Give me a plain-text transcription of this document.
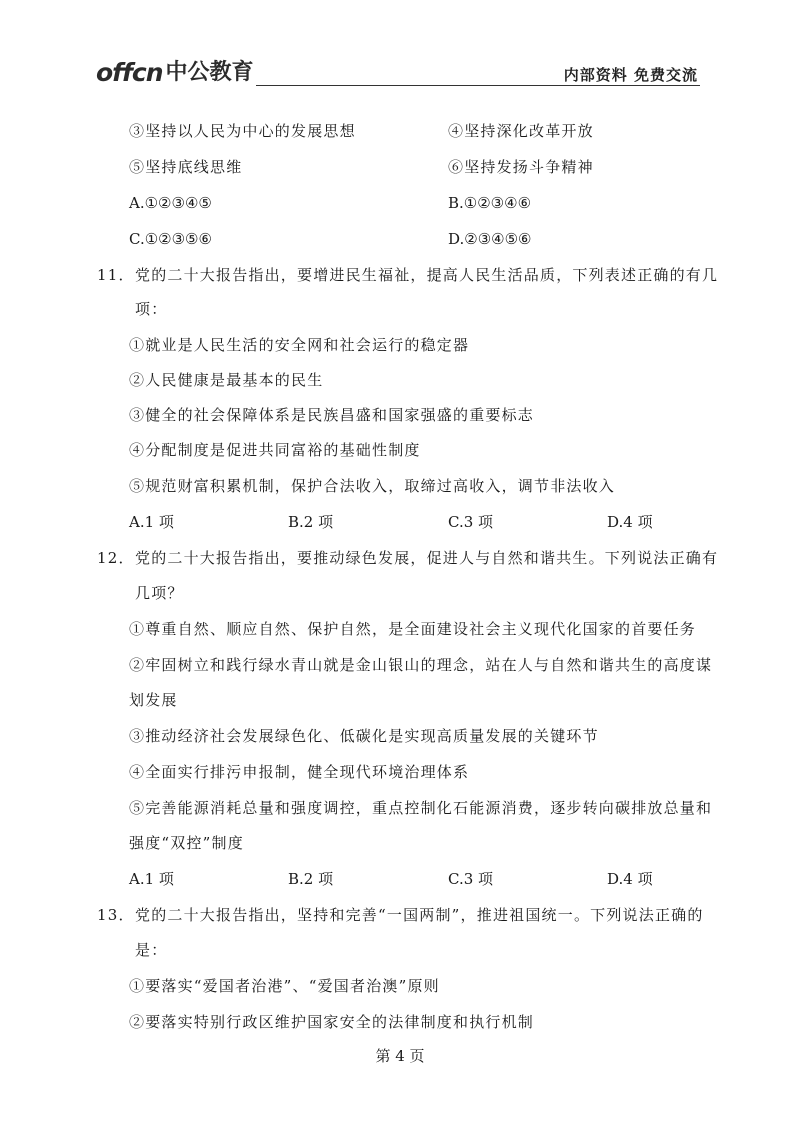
offcn 中公教育	内部资料 免费交流
③坚持以人民为中心的发展思想	④坚持深化改革开放
⑤坚持底线思维	⑥坚持发扬斗争精神
A.①②③④⑤	B.①②③④⑥
C.①②③⑤⑥	D.②③④⑤⑥
11． 党的二十大报告指出，要增进民生福祉，提高人民生活品质，下列表述正确的有几
项：
①就业是人民生活的安全网和社会运行的稳定器
②人民健康是最基本的民生
③健全的社会保障体系是民族昌盛和国家强盛的重要标志
④分配制度是促进共同富裕的基础性制度
⑤规范财富积累机制，保护合法收入，取缔过高收入，调节非法收入
A.1 项	B.2 项	C.3 项	D.4 项
12． 党的二十大报告指出，要推动绿色发展，促进人与自然和谐共生。下列说法正确有
几项？
①尊重自然、顺应自然、保护自然，是全面建设社会主义现代化国家的首要任务
②牢固树立和践行绿水青山就是金山银山的理念，站在人与自然和谐共生的高度谋
划发展
③推动经济社会发展绿色化、低碳化是实现高质量发展的关键环节
④全面实行排污申报制，健全现代环境治理体系
⑤完善能源消耗总量和强度调控，重点控制化石能源消费，逐步转向碳排放总量和
强度“双控”制度
A.1 项	B.2 项	C.3 项	D.4 项
13． 党的二十大报告指出，坚持和完善“一国两制”，推进祖国统一。下列说法正确的
是：
①要落实“爱国者治港”、“爱国者治澳”原则
②要落实特别行政区维护国家安全的法律制度和执行机制
第 4 页
